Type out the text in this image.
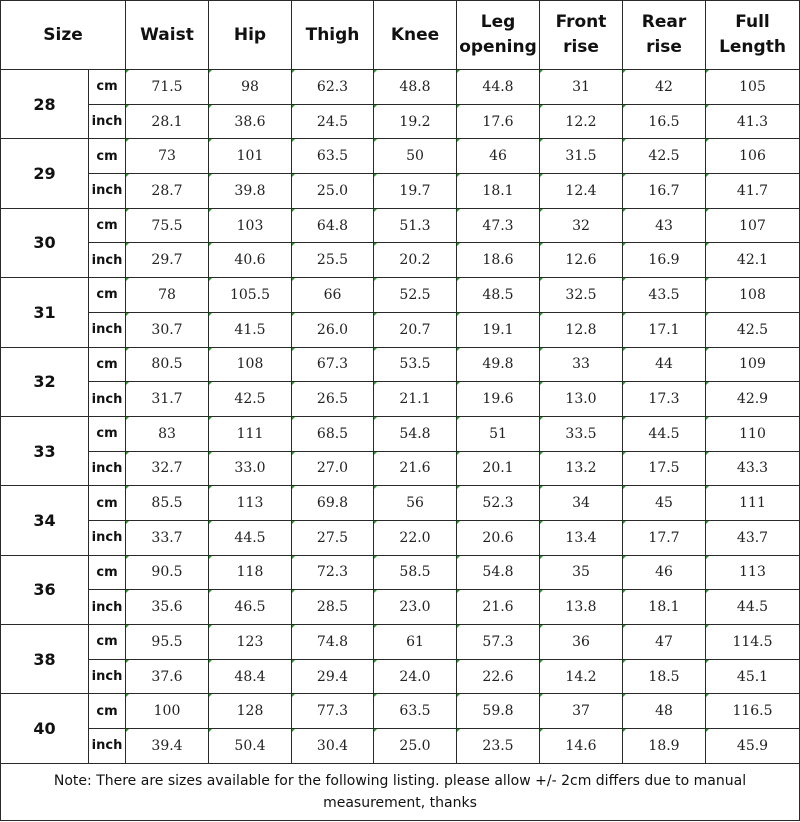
Size		Waist	Hip	Thigh	Knee	Leg opening	Front rise	Rear rise	Full Length
28	cm	71.5	98	62.3	48.8	44.8	31	42	105
	inch	28.1	38.6	24.5	19.2	17.6	12.2	16.5	41.3
29	cm	73	101	63.5	50	46	31.5	42.5	106
	inch	28.7	39.8	25.0	19.7	18.1	12.4	16.7	41.7
30	cm	75.5	103	64.8	51.3	47.3	32	43	107
	inch	29.7	40.6	25.5	20.2	18.6	12.6	16.9	42.1
31	cm	78	105.5	66	52.5	48.5	32.5	43.5	108
	inch	30.7	41.5	26.0	20.7	19.1	12.8	17.1	42.5
32	cm	80.5	108	67.3	53.5	49.8	33	44	109
	inch	31.7	42.5	26.5	21.1	19.6	13.0	17.3	42.9
33	cm	83	111	68.5	54.8	51	33.5	44.5	110
	inch	32.7	33.0	27.0	21.6	20.1	13.2	17.5	43.3
34	cm	85.5	113	69.8	56	52.3	34	45	111
	inch	33.7	44.5	27.5	22.0	20.6	13.4	17.7	43.7
36	cm	90.5	118	72.3	58.5	54.8	35	46	113
	inch	35.6	46.5	28.5	23.0	21.6	13.8	18.1	44.5
38	cm	95.5	123	74.8	61	57.3	36	47	114.5
	inch	37.6	48.4	29.4	24.0	22.6	14.2	18.5	45.1
40	cm	100	128	77.3	63.5	59.8	37	48	116.5
	inch	39.4	50.4	30.4	25.0	23.5	14.6	18.9	45.9
Note: There are sizes available for the following listing. please allow +/- 2cm differs due to manual measurement, thanks									
